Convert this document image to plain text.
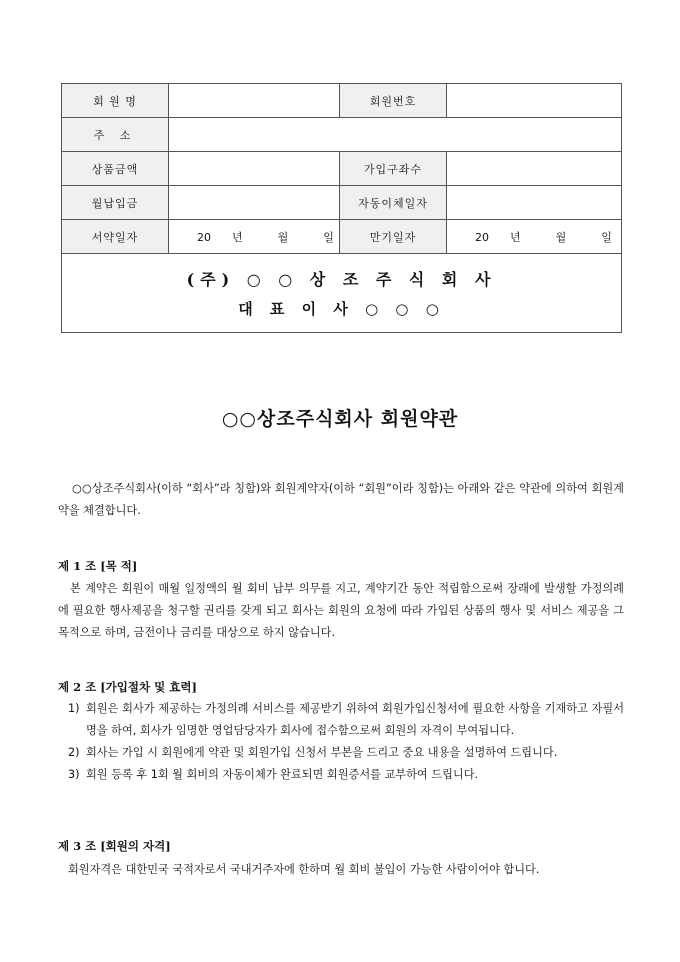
회 원 명		회원번호	
주 소			
상품금액		가입구좌수	
월납입금		자동이체일자	
서약일자	20 년 월 일	만기일자	20 년 월 일

(주) ○ ○ 상 조 주 식 회 사
대 표 이 사 ○ ○ ○			
○○상조주식회사 회원약관

○○상조주식회사(이하 “회사”라 칭함)와 회원계약자(이하 “회원”이라 칭함)는 아래와 같은 약관에 의하여 회원계약을 체결합니다.

제 1 조 [목 적]

본 계약은 회원이 매월 일정액의 월 회비 납부 의무를 지고, 계약기간 동안 적립함으로써 장래에 발생할 가정의례에 필요한 행사제공을 청구할 권리를 갖게 되고 회사는 회원의 요청에 따라 가입된 상품의 행사 및 서비스 제공을 그 목적으로 하며, 금전이나 금리를 대상으로 하지 않습니다.

제 2 조 [가입절차 및 효력]
1) 회원은 회사가 제공하는 가정의례 서비스를 제공받기 위하여 회원가입신청서에 필요한 사항을 기재하고 자필서명을 하여, 회사가 임명한 영업담당자가 회사에 접수함으로써 회원의 자격이 부여됩니다.
2) 회사는 가입 시 회원에게 약관 및 회원가입 신청서 부본을 드리고 중요 내용을 설명하여 드립니다.
3) 회원 등록 후 1회 월 회비의 자동이체가 완료되면 회원증서를 교부하여 드립니다.
제 3 조 [회원의 자격]

회원자격은 대한민국 국적자로서 국내거주자에 한하며 월 회비 불입이 가능한 사람이어야 합니다.
